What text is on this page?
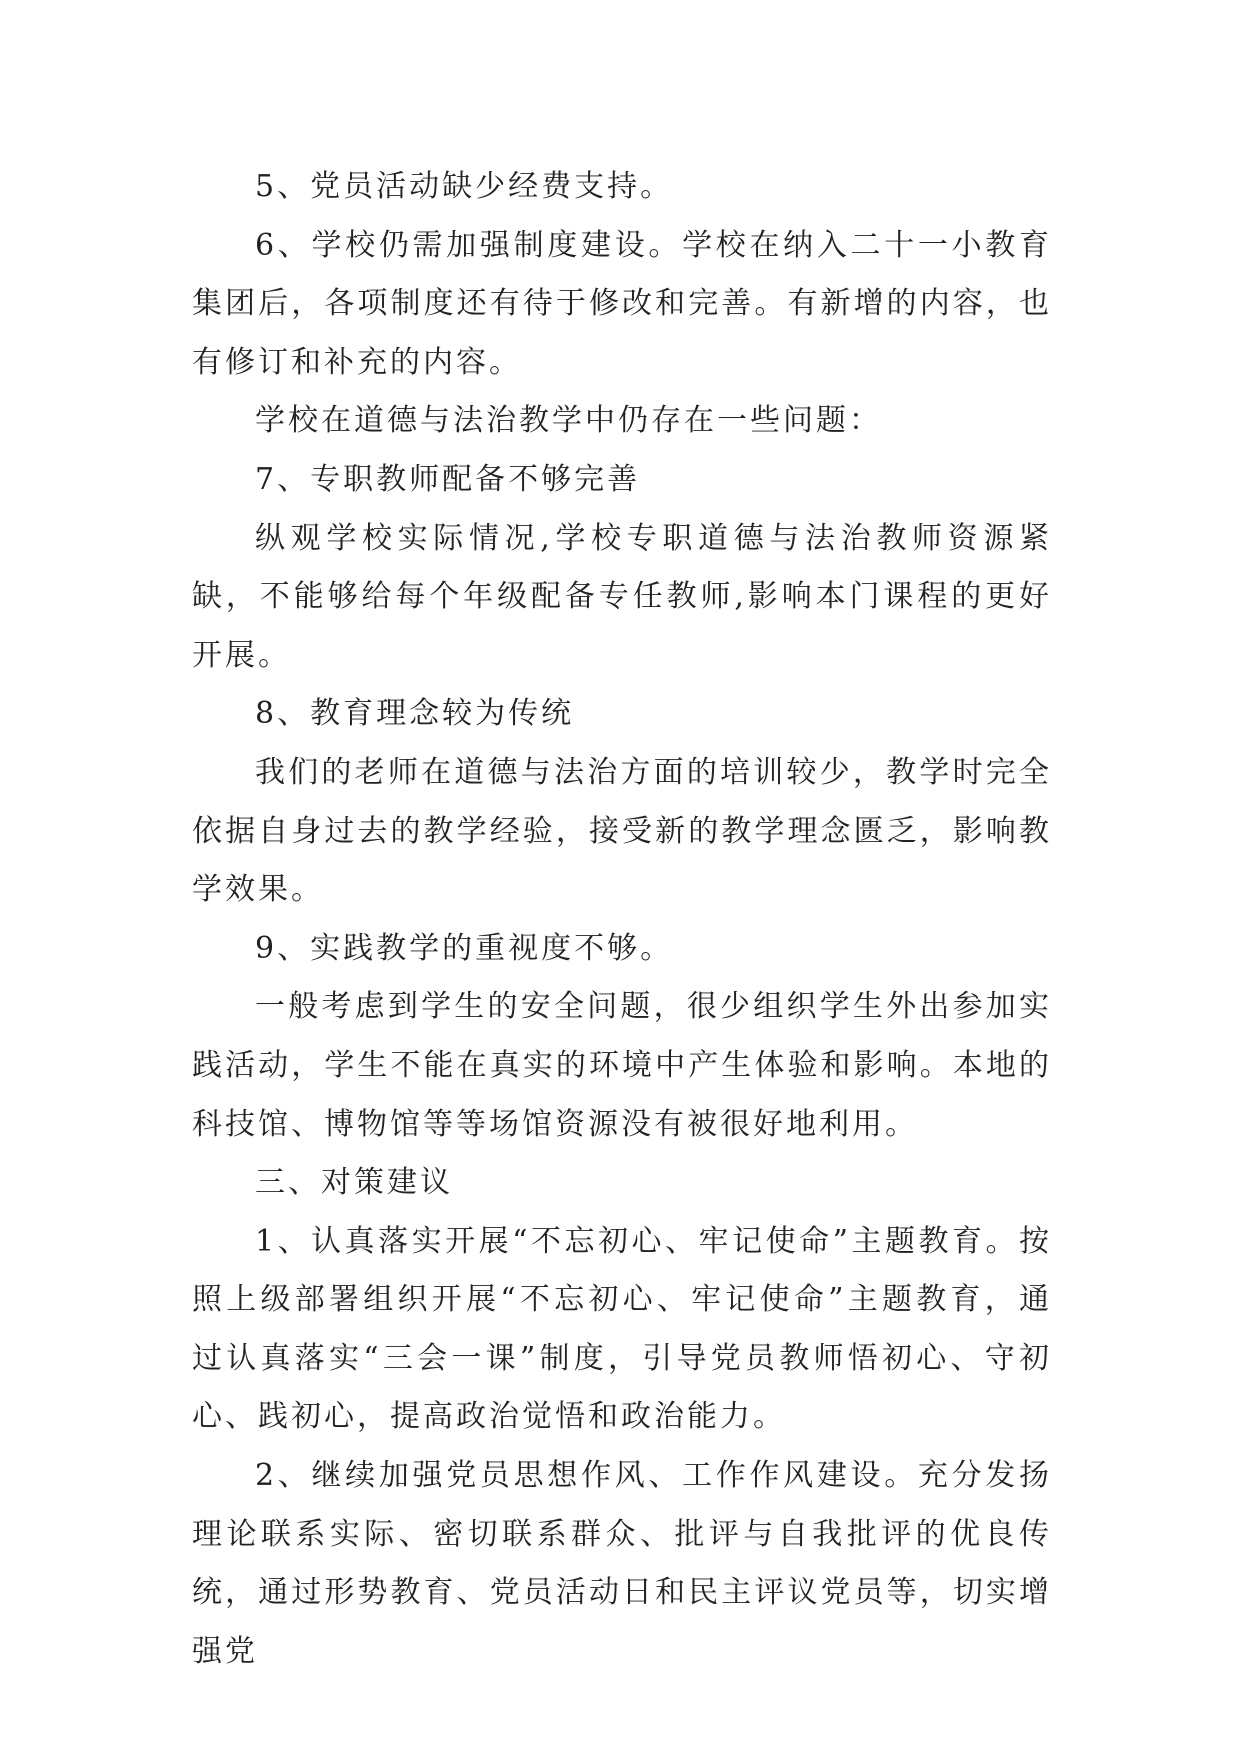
5、党员活动缺少经费支持。

6、学校仍需加强制度建设。学校在纳入二十一小教育集团后，各项制度还有待于修改和完善。有新增的内容，也有修订和补充的内容。

学校在道德与法治教学中仍存在一些问题：

7、专职教师配备不够完善

纵观学校实际情况,学校专职道德与法治教师资源紧缺，不能够给每个年级配备专任教师,影响本门课程的更好开展。

8、教育理念较为传统

我们的老师在道德与法治方面的培训较少，教学时完全依据自身过去的教学经验，接受新的教学理念匮乏，影响教学效果。

9、实践教学的重视度不够。

一般考虑到学生的安全问题，很少组织学生外出参加实践活动，学生不能在真实的环境中产生体验和影响。本地的科技馆、博物馆等等场馆资源没有被很好地利用。

三、对策建议

1、认真落实开展“不忘初心、牢记使命”主题教育。按照上级部署组织开展“不忘初心、牢记使命”主题教育，通过认真落实“三会一课”制度，引导党员教师悟初心、守初心、践初心，提高政治觉悟和政治能力。

2、继续加强党员思想作风、工作作风建设。充分发扬理论联系实际、密切联系群众、批评与自我批评的优良传统，通过形势教育、党员活动日和民主评议党员等，切实增强党
